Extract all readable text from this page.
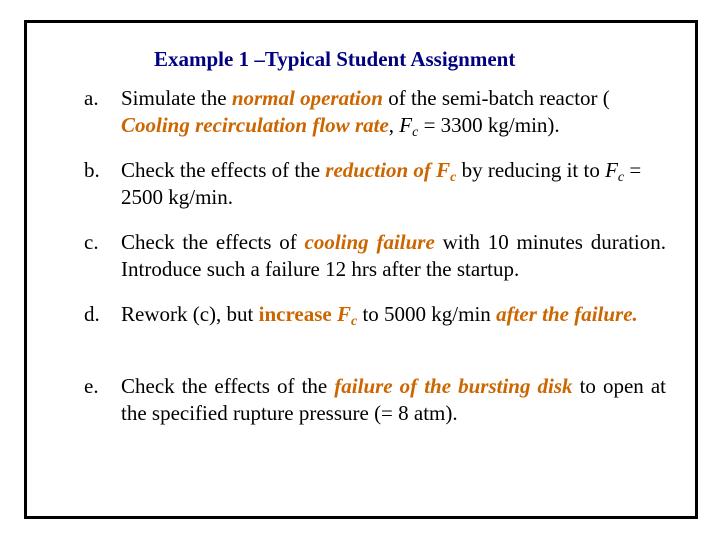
Example 1 –Typical Student Assignment
a. Simulate the normal operation of the semi-batch reactor ( Cooling recirculation flow rate, $F_c = 3300$ kg/min).
b. Check the effects of the reduction of $F_c$ by reducing it to $F_c = 2500$ kg/min.
c. Check the effects of cooling failure with 10 minutes duration. Introduce such a failure 12 hrs after the startup.
d. Rework (c), but increase $F_c$ to 5000 kg/min after the failure.
e. Check the effects of the failure of the bursting disk to open at the specified rupture pressure (= 8 atm).
